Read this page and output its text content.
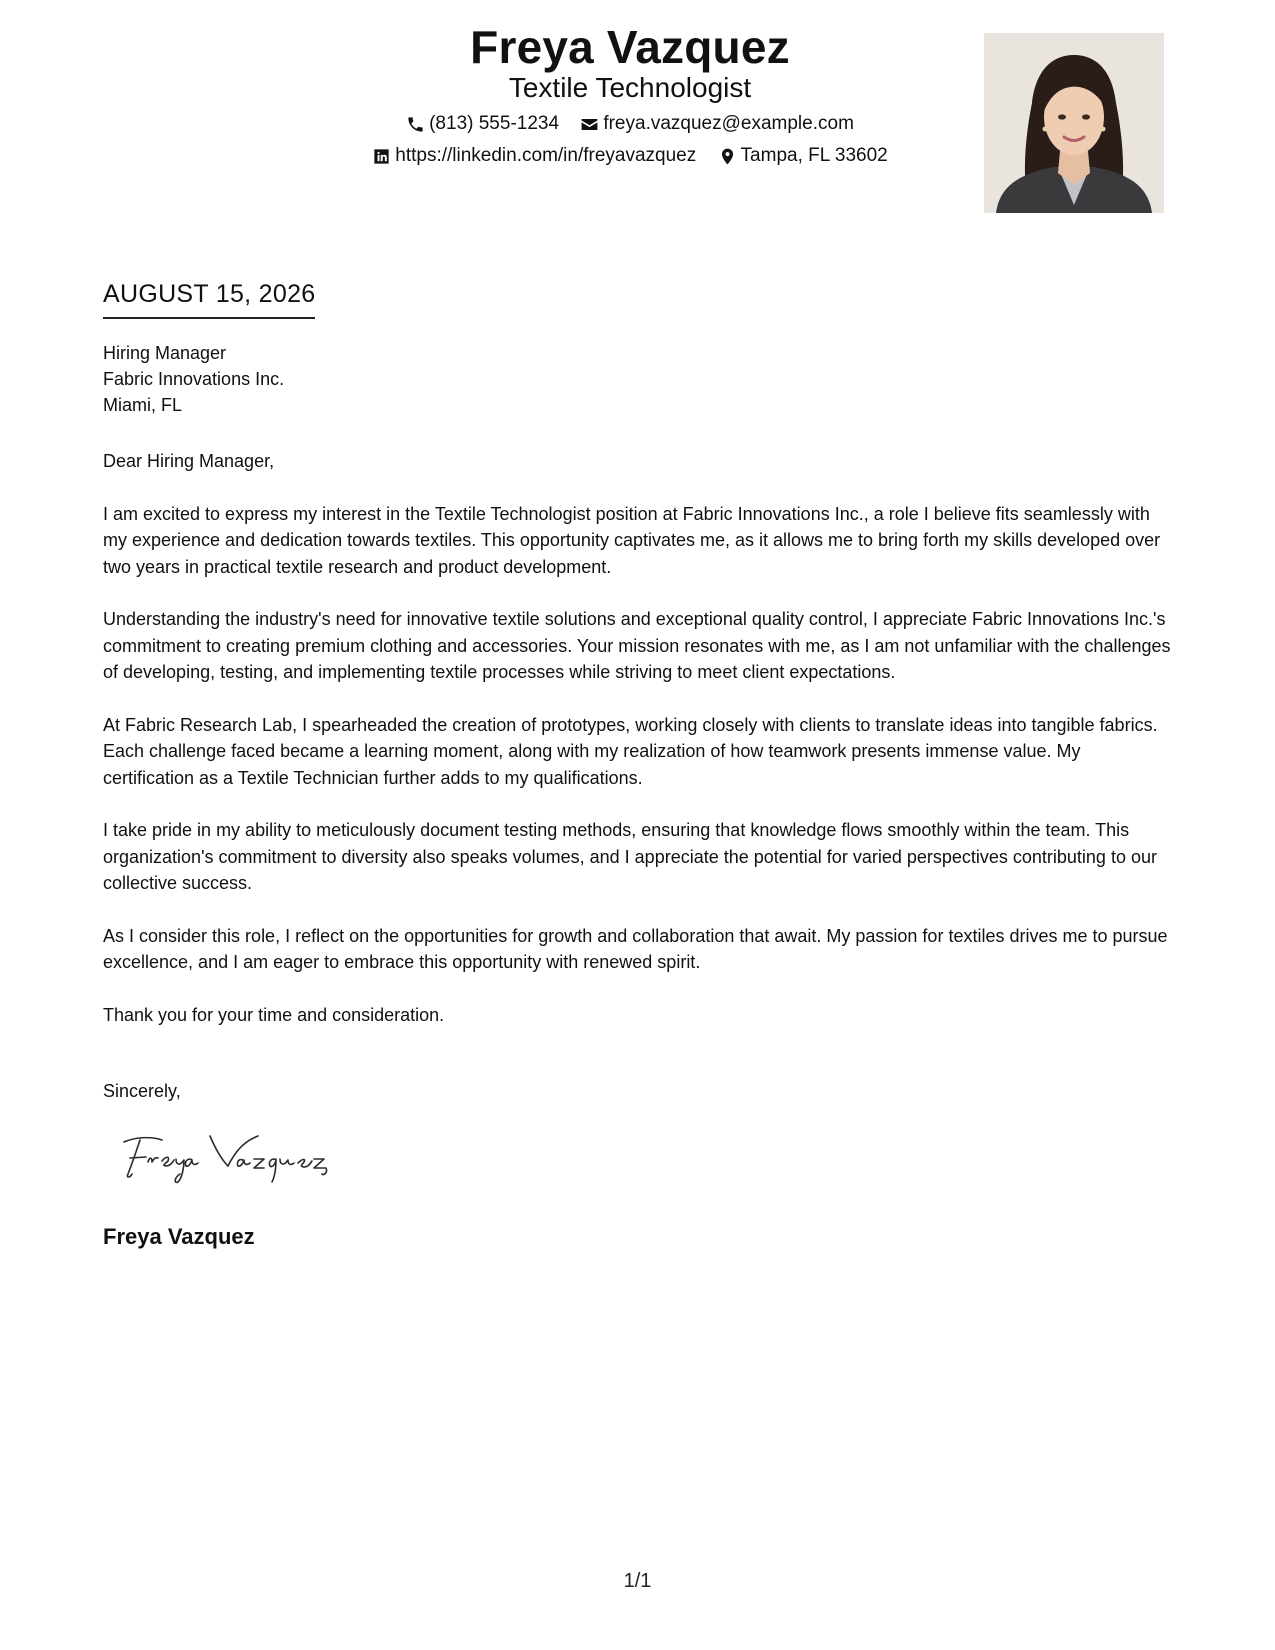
Freya Vazquez
Textile Technologist
(813) 555-1234
freya.vazquez@example.com
https://linkedin.com/in/freyavazquez
Tampa, FL 33602
AUGUST 15, 2026
Hiring Manager
Fabric Innovations Inc.
Miami, FL

Dear Hiring Manager,

I am excited to express my interest in the Textile Technologist position at Fabric Innovations Inc., a role I believe fits seamlessly with my experience and dedication towards textiles. This opportunity captivates me, as it allows me to bring forth my skills developed over two years in practical textile research and product development.

Understanding the industry's need for innovative textile solutions and exceptional quality control, I appreciate Fabric Innovations Inc.'s commitment to creating premium clothing and accessories. Your mission resonates with me, as I am not unfamiliar with the challenges of developing, testing, and implementing textile processes while striving to meet client expectations.

At Fabric Research Lab, I spearheaded the creation of prototypes, working closely with clients to translate ideas into tangible fabrics. Each challenge faced became a learning moment, along with my realization of how teamwork presents immense value. My certification as a Textile Technician further adds to my qualifications.

I take pride in my ability to meticulously document testing methods, ensuring that knowledge flows smoothly within the team. This organization's commitment to diversity also speaks volumes, and I appreciate the potential for varied perspectives contributing to our collective success.

As I consider this role, I reflect on the opportunities for growth and collaboration that await. My passion for textiles drives me to pursue excellence, and I am eager to embrace this opportunity with renewed spirit.

Thank you for your time and consideration.

Sincerely,
Freya Vazquez
1/1
